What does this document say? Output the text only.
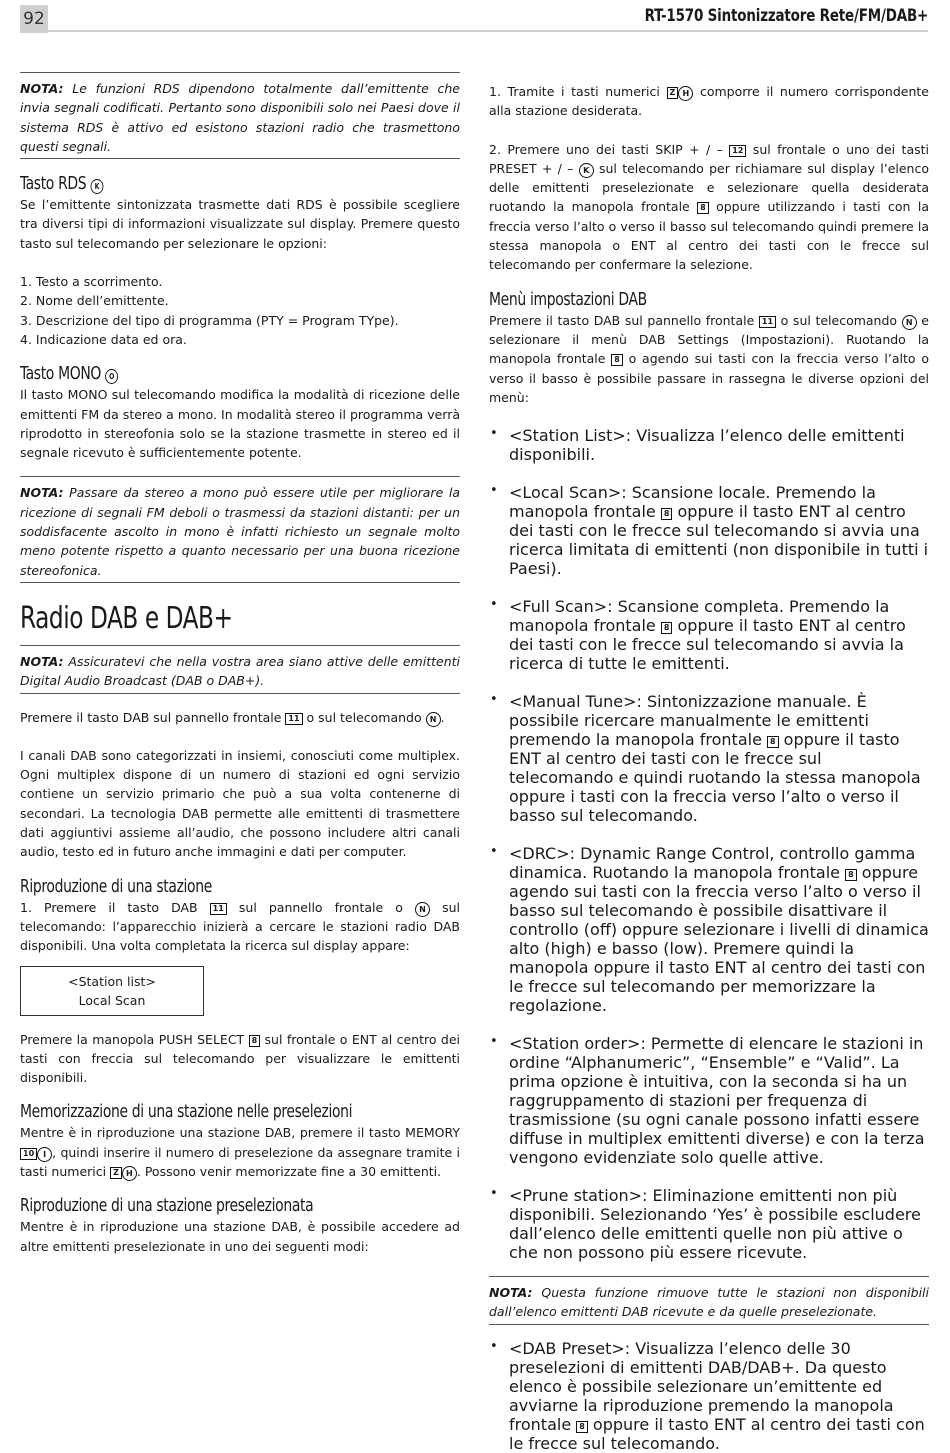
92	RT-1570 Sintonizzatore Rete/FM/DAB+

NOTA: Le funzioni RDS dipendono totalmente dall’emittente che invia segnali codificati. Pertanto sono disponibili solo nei Paesi dove il sistema RDS è attivo ed esistono stazioni radio che trasmettono questi segnali.

Tasto RDS K

Se l’emittente sintonizzata trasmette dati RDS è possibile scegliere tra diversi tipi di informazioni visualizzate sul display. Premere questo tasto sul telecomando per selezionare le opzioni:

1. Testo a scorrimento.

2. Nome dell’emittente.

3. Descrizione del tipo di programma (PTY = Program TYpe).

4. Indicazione data ed ora.

Tasto MONO O

Il tasto MONO sul telecomando modifica la modalità di ricezione delle emittenti FM da stereo a mono. In modalità stereo il programma verrà riprodotto in stereofonia solo se la stazione trasmette in stereo ed il segnale ricevuto è sufficientemente potente.

NOTA: Passare da stereo a mono può essere utile per migliorare la ricezione di segnali FM deboli o trasmessi da stazioni distanti: per un soddisfacente ascolto in mono è infatti richiesto un segnale molto meno potente rispetto a quanto necessario per una buona ricezione stereofonica.

Radio DAB e DAB+

NOTA: Assicuratevi che nella vostra area siano attive delle emittenti Digital Audio Broadcast (DAB o DAB+).

Premere il tasto DAB sul pannello frontale 11 o sul telecomando N .

I canali DAB sono categorizzati in insiemi, conosciuti come multiplex. Ogni multiplex dispone di un numero di stazioni ed ogni servizio contiene un servizio primario che può a sua volta contenerne di secondari. La tecnologia DAB permette alle emittenti di trasmettere dati aggiuntivi assieme all’audio, che possono includere altri canali audio, testo ed in futuro anche immagini e dati per computer.

Riproduzione di una stazione

1. Premere il tasto DAB 11 sul pannello frontale o N sul telecomando: l’apparecchio inizierà a cercare le stazioni radio DAB disponibili. Una volta completata la ricerca sul display appare:

<Station list>
Local Scan

Premere la manopola PUSH SELECT 8 sul frontale o ENT al centro dei tasti con freccia sul telecomando per visualizzare le emittenti disponibili.

Memorizzazione di una stazione nelle preselezioni

Mentre è in riproduzione una stazione DAB, premere il tasto MEMORY 10 I , quindi inserire il numero di preselezione da assegnare tramite i tasti numerici Z H . Possono venir memorizzate fine a 30 emittenti.

Riproduzione di una stazione preselezionata

Mentre è in riproduzione una stazione DAB, è possibile accedere ad altre emittenti preselezionate in uno dei seguenti modi:

1. Tramite i tasti numerici Z H comporre il numero corrispondente alla stazione desiderata.

2. Premere uno dei tasti SKIP + / – 12 sul frontale o uno dei tasti PRESET + / – K sul telecomando per richiamare sul display l’elenco delle emittenti preselezionate e selezionare quella desiderata ruotando la manopola frontale 8 oppure utilizzando i tasti con la freccia verso l’alto o verso il basso sul telecomando quindi premere la stessa manopola o ENT al centro dei tasti con le frecce sul telecomando per confermare la selezione.

Menù impostazioni DAB

Premere il tasto DAB sul pannello frontale 11 o sul telecomando N e selezionare il menù DAB Settings (Impostazioni). Ruotando la manopola frontale 8 o agendo sui tasti con la freccia verso l’alto o verso il basso è possibile passare in rassegna le diverse opzioni del menù:

• <Station List>: Visualizza l’elenco delle emittenti disponibili.
• <Local Scan>: Scansione locale. Premendo la manopola frontale 8 oppure il tasto ENT al centro dei tasti con le frecce sul telecomando si avvia una ricerca limitata di emittenti (non disponibile in tutti i Paesi).
• <Full Scan>: Scansione completa. Premendo la manopola frontale 8 oppure il tasto ENT al centro dei tasti con le frecce sul telecomando si avvia la ricerca di tutte le emittenti.
• <Manual Tune>: Sintonizzazione manuale. È possibile ricercare manualmente le emittenti premendo la manopola frontale 8 oppure il tasto ENT al centro dei tasti con le frecce sul telecomando e quindi ruotando la stessa manopola oppure i tasti con la freccia verso l’alto o verso il basso sul telecomando.
• <DRC>: Dynamic Range Control, controllo gamma dinamica. Ruotando la manopola frontale 8 oppure agendo sui tasti con la freccia verso l’alto o verso il basso sul telecomando è possibile disattivare il controllo (off) oppure selezionare i livelli di dinamica alto (high) e basso (low). Premere quindi la manopola oppure il tasto ENT al centro dei tasti con le frecce sul telecomando per memorizzare la regolazione.
• <Station order>: Permette di elencare le stazioni in ordine “Alphanumeric”, “Ensemble” e “Valid”. La prima opzione è intuitiva, con la seconda si ha un raggruppamento di stazioni per frequenza di trasmissione (su ogni canale possono infatti essere diffuse in multiplex emittenti diverse) e con la terza vengono evidenziate solo quelle attive.
• <Prune station>: Eliminazione emittenti non più disponibili. Selezionando ‘Yes’ è possibile escludere dall’elenco delle emittenti quelle non più attive o che non possono più essere ricevute.

NOTA: Questa funzione rimuove tutte le stazioni non disponibili dall’elenco emittenti DAB ricevute e da quelle preselezionate.

• <DAB Preset>: Visualizza l’elenco delle 30 preselezioni di emittenti DAB/DAB+. Da questo elenco è possibile selezionare un’emittente ed avviarne la riproduzione premendo la manopola frontale 8 oppure il tasto ENT al centro dei tasti con le frecce sul telecomando.
